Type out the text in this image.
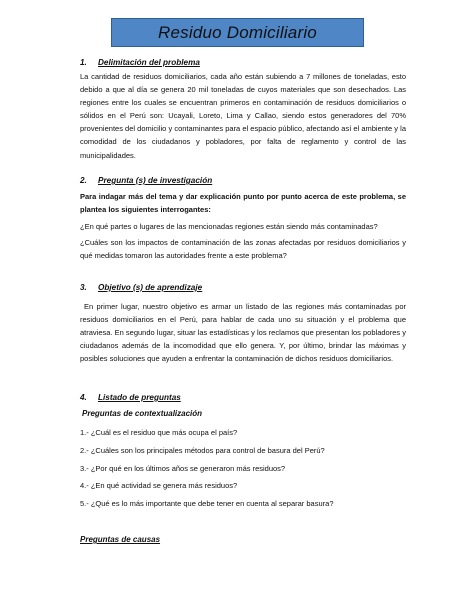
Residuo Domiciliario
1. Delimitación del problema
La cantidad de residuos domiciliarios, cada año están subiendo a 7 millones de toneladas, esto debido a que al día se genera 20 mil toneladas de cuyos materiales que son desechados. Las regiones entre los cuales se encuentran primeros en contaminación de residuos domiciliarios o sólidos en el Perú son: Ucayali, Loreto, Lima y Callao, siendo estos generadores del 70% provenientes del domicilio y contaminantes para el espacio público, afectando así el ambiente y la comodidad de los ciudadanos y pobladores, por falta de reglamento y control de las municipalidades.
2. Pregunta (s) de investigación
Para indagar más del tema y dar explicación punto por punto acerca de este problema, se plantea los siguientes interrogantes:
¿En qué partes o lugares de las mencionadas regiones están siendo más contaminadas?
¿Cuáles son los impactos de contaminación de las zonas afectadas por residuos domiciliarios y qué medidas tomaron las autoridades frente a este problema?
3. Objetivo (s) de aprendizaje
En primer lugar, nuestro objetivo es armar un listado de las regiones más contaminadas por residuos domiciliarios en el Perú, para hablar de cada uno su situación y el problema que atraviesa. En segundo lugar, situar las estadísticas y los reclamos que presentan los pobladores y ciudadanos además de la incomodidad que ello genera. Y, por último, brindar las máximas y posibles soluciones que ayuden a enfrentar la contaminación de dichos residuos domiciliarios.
4. Listado de preguntas
Preguntas de contextualización
1.- ¿Cuál es el residuo que más ocupa el país?
2.- ¿Cuáles son los principales métodos para control de basura del Perú?
3.- ¿Por qué en los últimos años se generaron más residuos?
4.- ¿En qué actividad se genera más residuos?
5.- ¿Qué es lo más importante que debe tener en cuenta al separar basura?
Preguntas de causas
